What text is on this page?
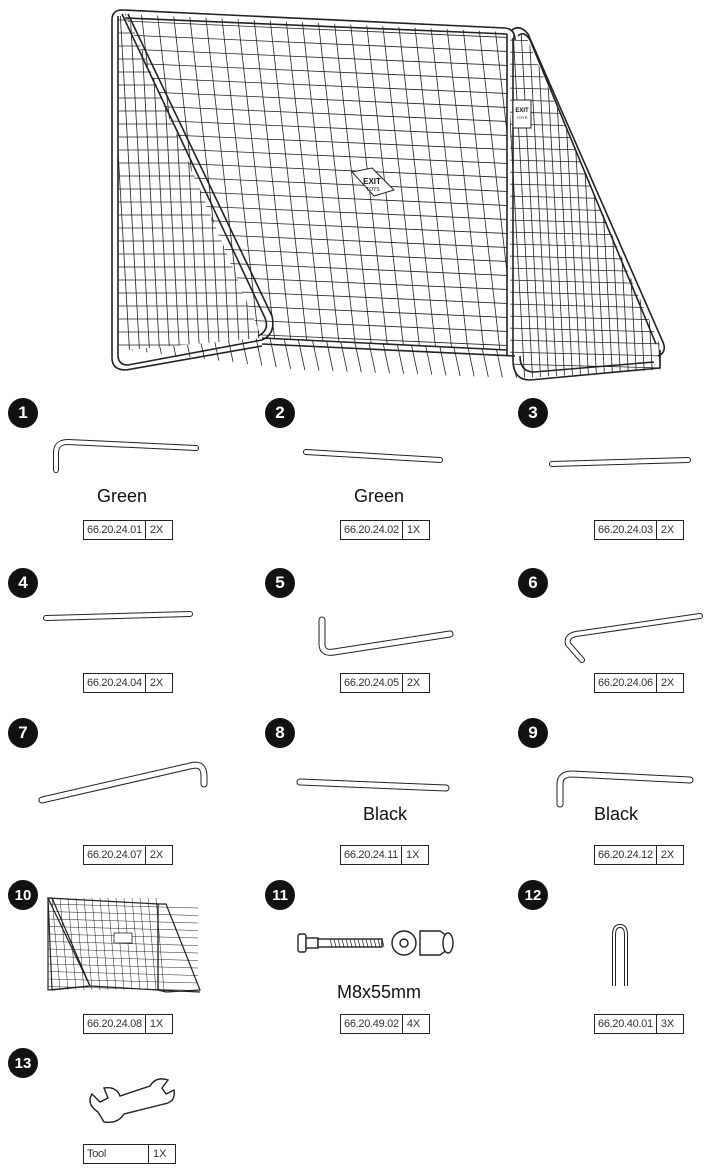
EXIT
TOYS
EXIT
TOYS
1
Green
66.20.24.01 2X
2
Green
66.20.24.02 1X
3
66.20.24.03 2X
4
66.20.24.04 2X
5
66.20.24.05 2X
6
66.20.24.06 2X
7
66.20.24.07 2X
8
Black
66.20.24.11 1X
9
Black
66.20.24.12 2X
10
66.20.24.08 1X
11
M8x55mm
66.20.49.02 4X
12
66.20.40.01 3X
13
Tool	1X
